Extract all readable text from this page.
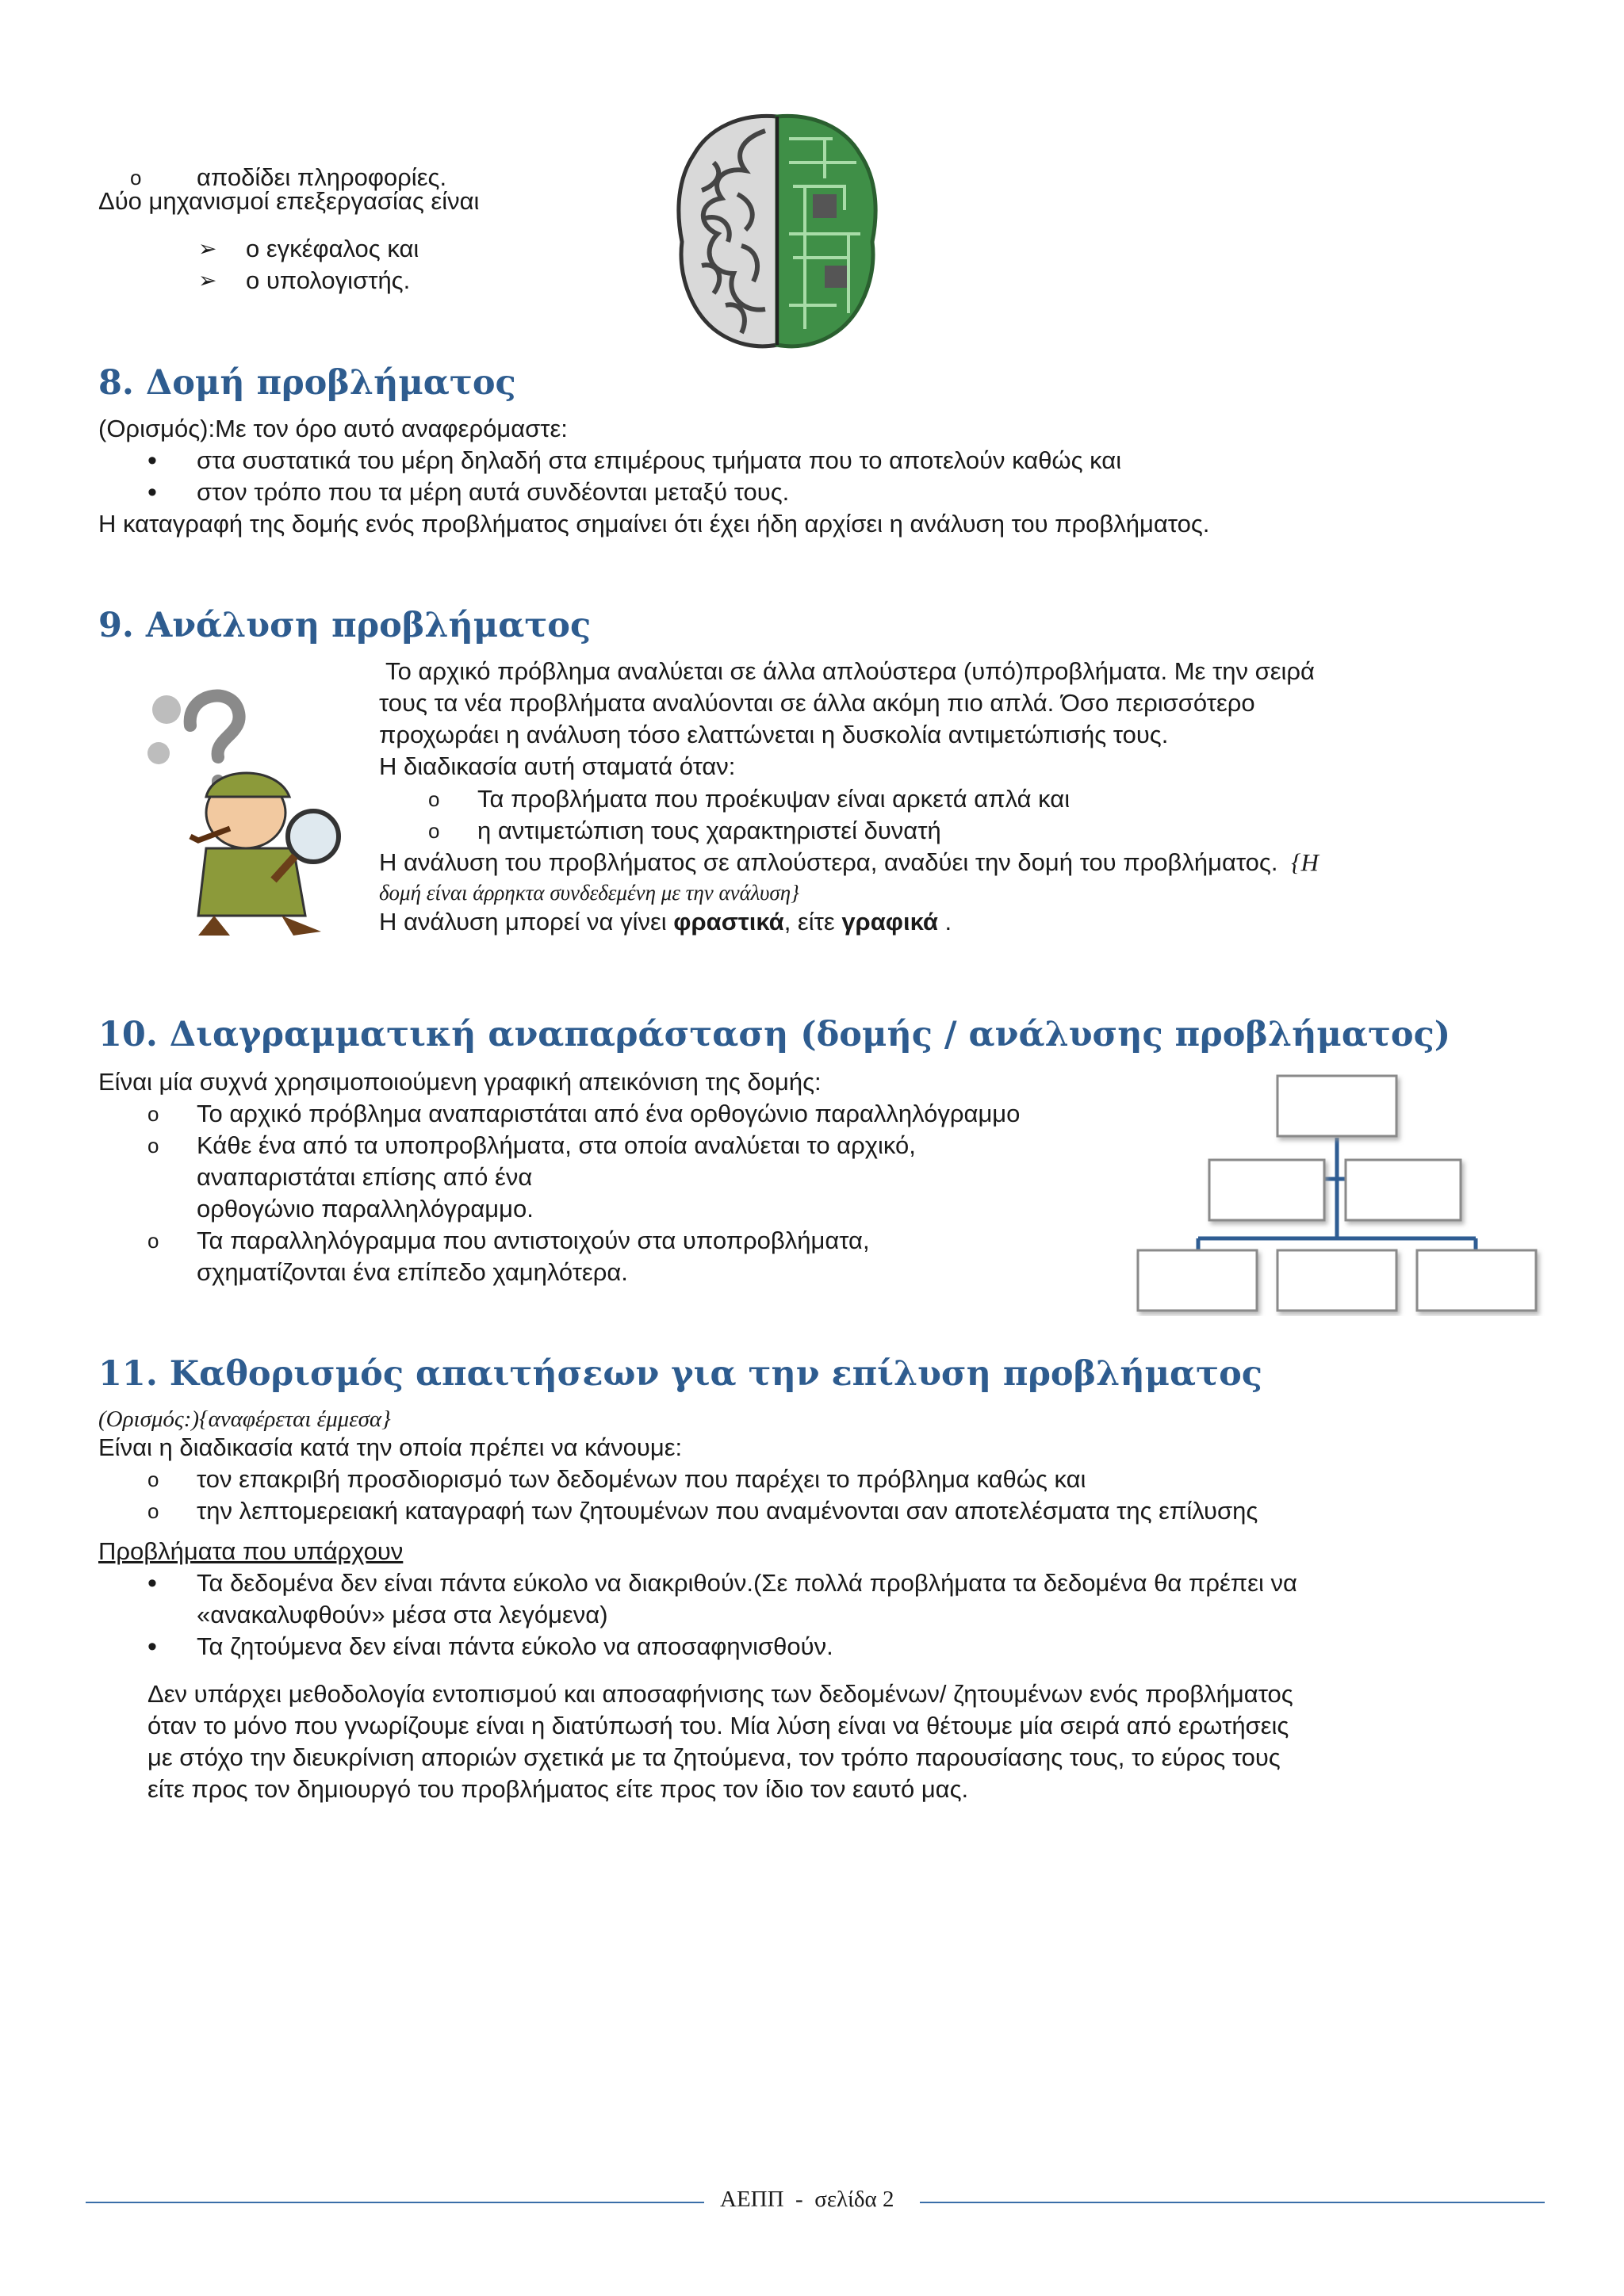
o αποδίδει πληροφορίες.
Δύο μηχανισμοί επεξεργασίας είναι
➢ ο εγκέφαλος και
➢ ο υπολογιστής.
8. Δομή προβλήματος
(Ορισμός):Με τον όρο αυτό αναφερόμαστε:
• στα συστατικά του μέρη δηλαδή στα επιμέρους τμήματα που το αποτελούν καθώς και
• στον τρόπο που τα μέρη αυτά συνδέονται μεταξύ τους.
Η καταγραφή της δομής ενός προβλήματος σημαίνει ότι έχει ήδη αρχίσει η ανάλυση του προβλήματος.
9. Ανάλυση προβλήματος
Το αρχικό πρόβλημα αναλύεται σε άλλα απλούστερα (υπό)προβλήματα. Με την σειρά
τους τα νέα προβλήματα αναλύονται σε άλλα ακόμη πιο απλά. Όσο περισσότερο
προχωράει η ανάλυση τόσο ελαττώνεται η δυσκολία αντιμετώπισής τους.
Η διαδικασία αυτή σταματά όταν:
o Τα προβλήματα που προέκυψαν είναι αρκετά απλά και
o η αντιμετώπιση τους χαρακτηριστεί δυνατή
Η ανάλυση του προβλήματος σε απλούστερα, αναδύει την δομή του προβλήματος. {Η
δομή είναι άρρηκτα συνδεδεμένη με την ανάλυση}
Η ανάλυση μπορεί να γίνει φραστικά, είτε γραφικά .
10. Διαγραμματική αναπαράσταση (δομής / ανάλυσης προβλήματος)
Είναι μία συχνά χρησιμοποιούμενη γραφική απεικόνιση της δομής:
o Το αρχικό πρόβλημα αναπαριστάται από ένα ορθογώνιο παραλληλόγραμμο
o Κάθε ένα από τα υποπροβλήματα, στα οποία αναλύεται το αρχικό,
αναπαριστάται επίσης από ένα
ορθογώνιο παραλληλόγραμμο.
o Τα παραλληλόγραμμα που αντιστοιχούν στα υποπροβλήματα,
σχηματίζονται ένα επίπεδο χαμηλότερα.
11. Καθορισμός απαιτήσεων για την επίλυση προβλήματος
(Ορισμός:){αναφέρεται έμμεσα}
Είναι η διαδικασία κατά την οποία πρέπει να κάνουμε:
o τον επακριβή προσδιορισμό των δεδομένων που παρέχει το πρόβλημα καθώς και
o την λεπτομερειακή καταγραφή των ζητουμένων που αναμένονται σαν αποτελέσματα της επίλυσης
Προβλήματα που υπάρχουν
• Τα δεδομένα δεν είναι πάντα εύκολο να διακριθούν.(Σε πολλά προβλήματα τα δεδομένα θα πρέπει να
«ανακαλυφθούν» μέσα στα λεγόμενα)
• Τα ζητούμενα δεν είναι πάντα εύκολο να αποσαφηνισθούν.
Δεν υπάρχει μεθοδολογία εντοπισμού και αποσαφήνισης των δεδομένων/ ζητουμένων ενός προβλήματος
όταν το μόνο που γνωρίζουμε είναι η διατύπωσή του. Μία λύση είναι να θέτουμε μία σειρά από ερωτήσεις
με στόχο την διευκρίνιση αποριών σχετικά με τα ζητούμενα, τον τρόπο παρουσίασης τους, το εύρος τους
είτε προς τον δημιουργό του προβλήματος είτε προς τον ίδιο τον εαυτό μας.
ΑΕΠΠ  -  σελίδα 2
